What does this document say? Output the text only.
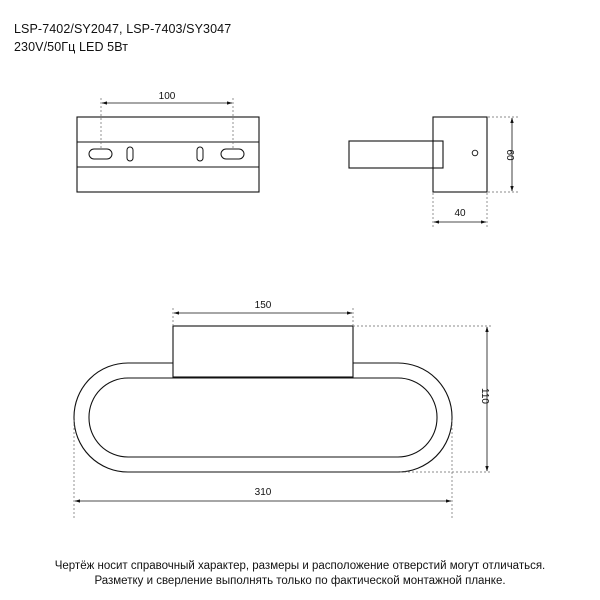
LSP-7402/SY2047, LSP-7403/SY3047
230V/50Гц LED 5Вт
100
60
40
150
110
310
Чертёж носит справочный характер, размеры и расположение отверстий могут отличаться.
Разметку и сверление выполнять только по фактической монтажной планке.
